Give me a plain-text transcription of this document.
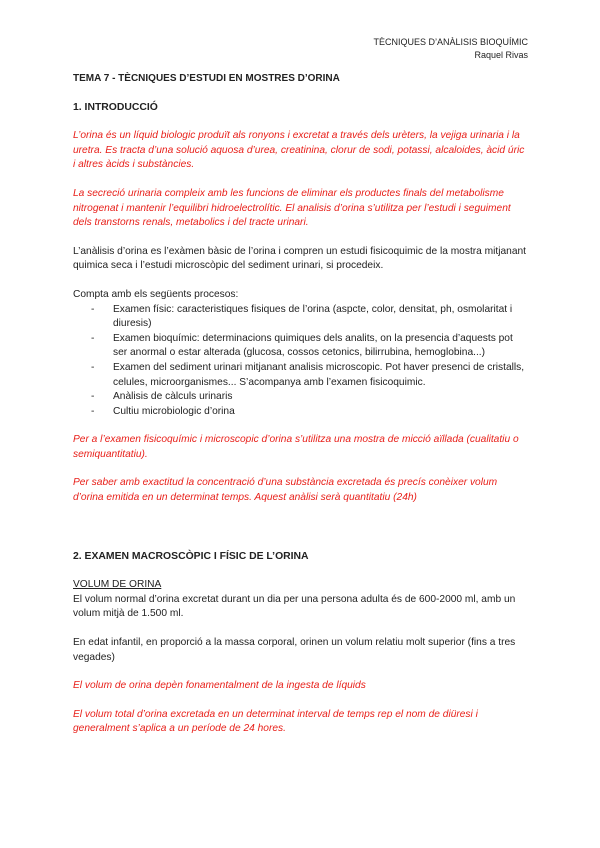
TÈCNIQUES D’ANÀLISIS BIOQUÍMIC
Raquel Rivas

TEMA 7 - TÈCNIQUES D’ESTUDI EN MOSTRES D’ORINA

1. INTRODUCCIÓ

L’orina és un líquid biologic produït als ronyons i excretat a través dels urèters, la vejiga urinaria i la uretra. Es tracta d’una solució aquosa d’urea, creatinina, clorur de sodi, potassi, alcaloides, àcid úric i altres àcids i substàncies.

La secreció urinaria compleix amb les funcions de eliminar els productes finals del metabolisme nitrogenat i mantenir l’equilibri hidroelectrolític. El analisis d’orina s’utilitza per l’estudi i seguiment dels transtorns renals, metabolics i del tracte urinari.

L’anàlisis d’orina es l’exàmen bàsic de l’orina i compren un estudi fisicoquimic de la mostra mitjanant quimica seca i l’estudi microscòpic del sediment urinari, si procedeix.

Compta amb els següents procesos:

- Examen físic: caracteristiques fisiques de l’orina (aspcte, color, densitat, ph, osmolaritat i diuresis)
- Examen bioquímic: determinacions quimiques dels analits, on la presencia d’aquests pot ser anormal o estar alterada (glucosa, cossos cetonics, bilirrubina, hemoglobina...)
- Examen del sediment urinari mitjanant analisis microscopic. Pot haver presenci de cristalls, celules, microorganismes... S’acompanya amb l’examen fisicoquimic.
- Anàlisis de càlculs urinaris
- Cultiu microbiologic d’orina

Per a l’examen fisicoquímic i microscopic d’orina s’utilitza una mostra de micció aïllada (cualitatiu o semiquantitatiu).

Per saber amb exactitud la concentració d’una substància excretada és precís conèixer volum d’orina emitida en un determinat temps. Aquest anàlisi serà quantitatiu (24h)

2. EXAMEN MACROSCÒPIC I FÍSIC DE L’ORINA

VOLUM DE ORINA

El volum normal d’orina excretat durant un dia per una persona adulta és de 600-2000 ml, amb un volum mitjà de 1.500 ml.

En edat infantil, en proporció a la massa corporal, orinen un volum relatiu molt superior (fins a tres vegades)

El volum de orina depèn fonamentalment de la ingesta de líquids

El volum total d’orina excretada en un determinat interval de temps rep el nom de diüresi i generalment s’aplica a un període de 24 hores.
